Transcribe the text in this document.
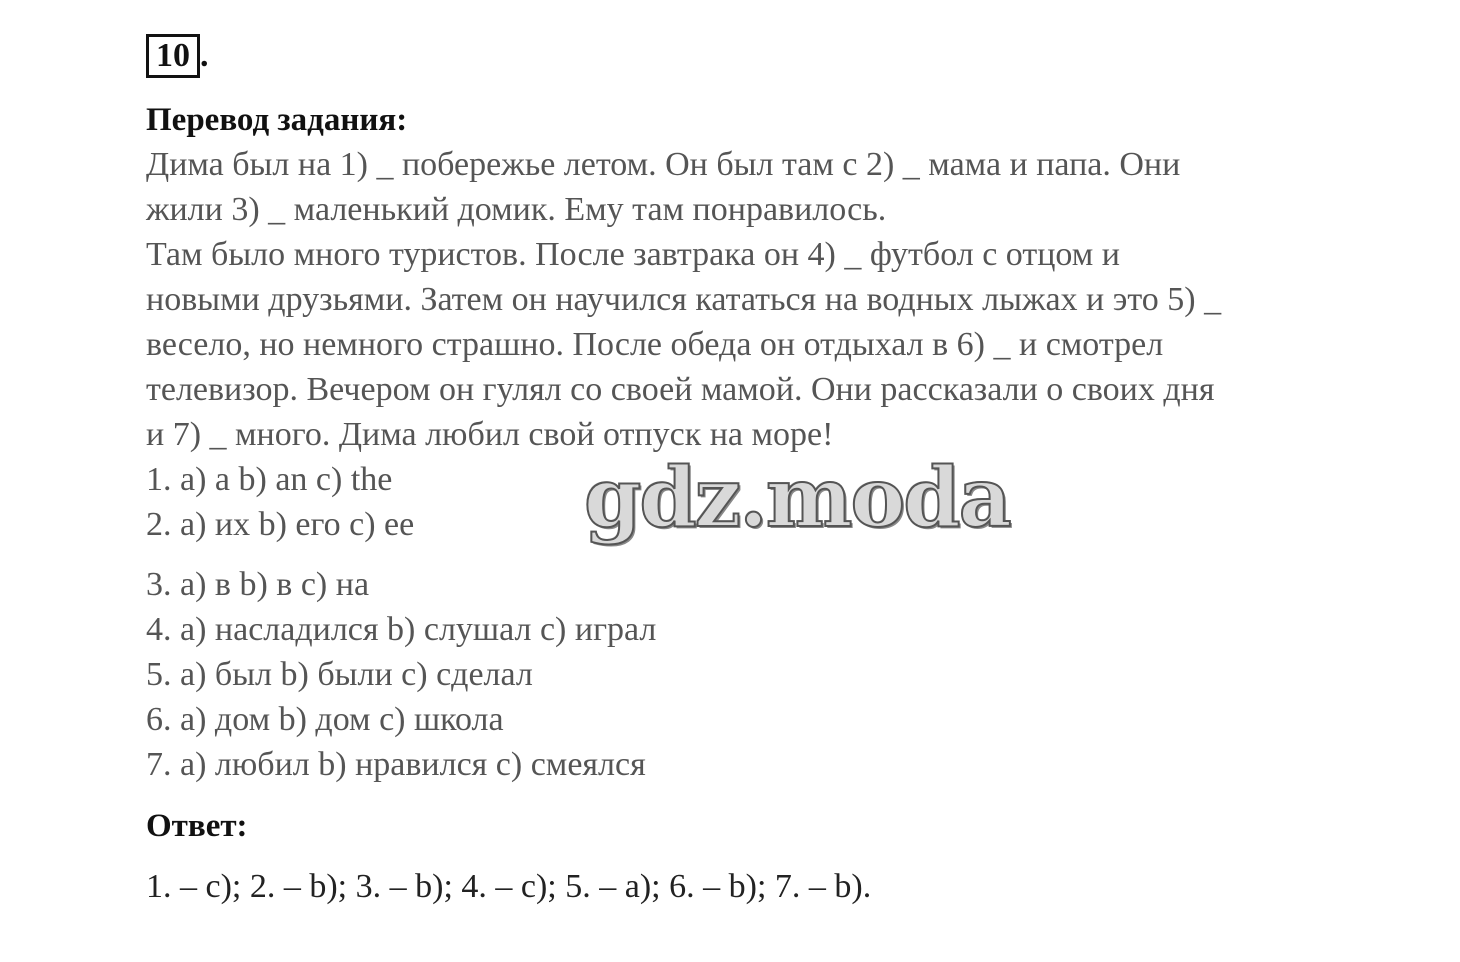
10 .
Перевод задания:

Дима был на 1) _ побережье летом. Он был там с 2) _ мама и папа. Они

жили 3) _ маленький домик. Ему там понравилось.

Там было много туристов. После завтрака он 4) _ футбол с отцом и

новыми друзьями. Затем он научился кататься на водных лыжах и это 5) _

весело, но немного страшно. После обеда он отдыхал в 6) _ и смотрел

телевизор. Вечером он гулял со своей мамой. Они рассказали о своих дня

и 7) _ много. Дима любил свой отпуск на море!

1. a) a b) an c) the
2. a) их b) его c) ее
3. a) в b) в c) на
4. a) насладился b) слушал c) играл
5. a) был b) были c) сделал
6. a) дом b) дом c) школа
7. a) любил b) нравился c) смеялся
Ответ:
1. – c); 2. – b); 3. – b); 4. – c); 5. – a); 6. – b); 7. – b).
gdz.moda
